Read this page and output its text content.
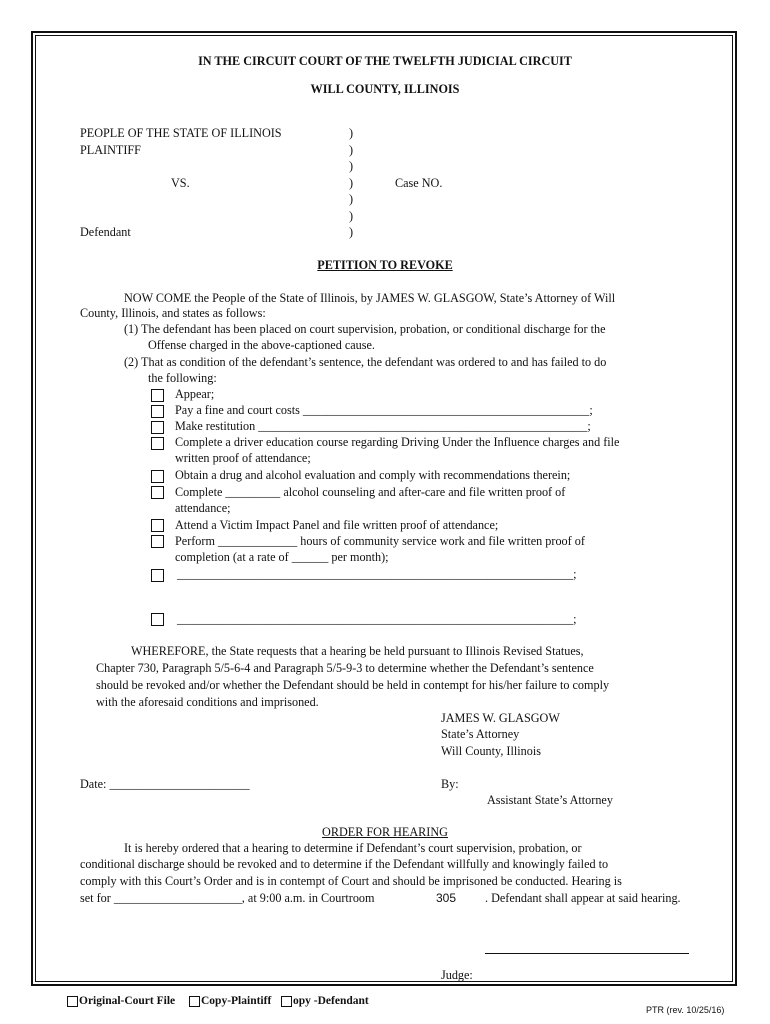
IN THE CIRCUIT COURT OF THE TWELFTH JUDICIAL CIRCUIT
WILL COUNTY, ILLINOIS
PEOPLE OF THE STATE OF ILLINOIS
PLAINTIFF
VS.
Defendant
)
)
)
)
)
)
)
Case NO.
PETITION TO REVOKE
NOW COME the People of the State of Illinois, by JAMES W. GLASGOW, State’s Attorney of Will
County, Illinois, and states as follows:
(1) The defendant has been placed on court supervision, probation, or conditional discharge for the
Offense charged in the above-captioned cause.
(2) That as condition of the defendant’s sentence, the defendant was ordered to and has failed to do
the following:
Appear;
Pay a fine and court costs _______________________________________________;
Make restitution ______________________________________________________;
Complete a driver education course regarding Driving Under the Influence charges and file
written proof of attendance;
Obtain a drug and alcohol evaluation and comply with recommendations therein;
Complete _________ alcohol counseling and after-care and file written proof of
attendance;
Attend a Victim Impact Panel and file written proof of attendance;
Perform _____________ hours of community service work and file written proof of
completion (at a rate of ______ per month);
_________________________________________________________________;
_________________________________________________________________;
WHEREFORE, the State requests that a hearing be held pursuant to Illinois Revised Statues,
Chapter 730, Paragraph 5/5-6-4 and Paragraph 5/5-9-3 to determine whether the Defendant’s sentence
should be revoked and/or whether the Defendant should be held in contempt for his/her failure to comply
with the aforesaid conditions and imprisoned.
JAMES W. GLASGOW
State’s Attorney
Will County, Illinois
Date: _______________________	By:
Assistant State’s Attorney
ORDER FOR HEARING
It is hereby ordered that a hearing to determine if Defendant’s court supervision, probation, or
conditional discharge should be revoked and to determine if the Defendant willfully and knowingly failed to
comply with this Court’s Order and is in contempt of Court and should be imprisoned be conducted. Hearing is
set for _____________________, at 9:00 a.m. in Courtroom	305 . Defendant shall appear at said hearing.
Judge:
Original-Court File Copy-Plaintiff opy -Defendant
PTR (rev. 10/25/16)
